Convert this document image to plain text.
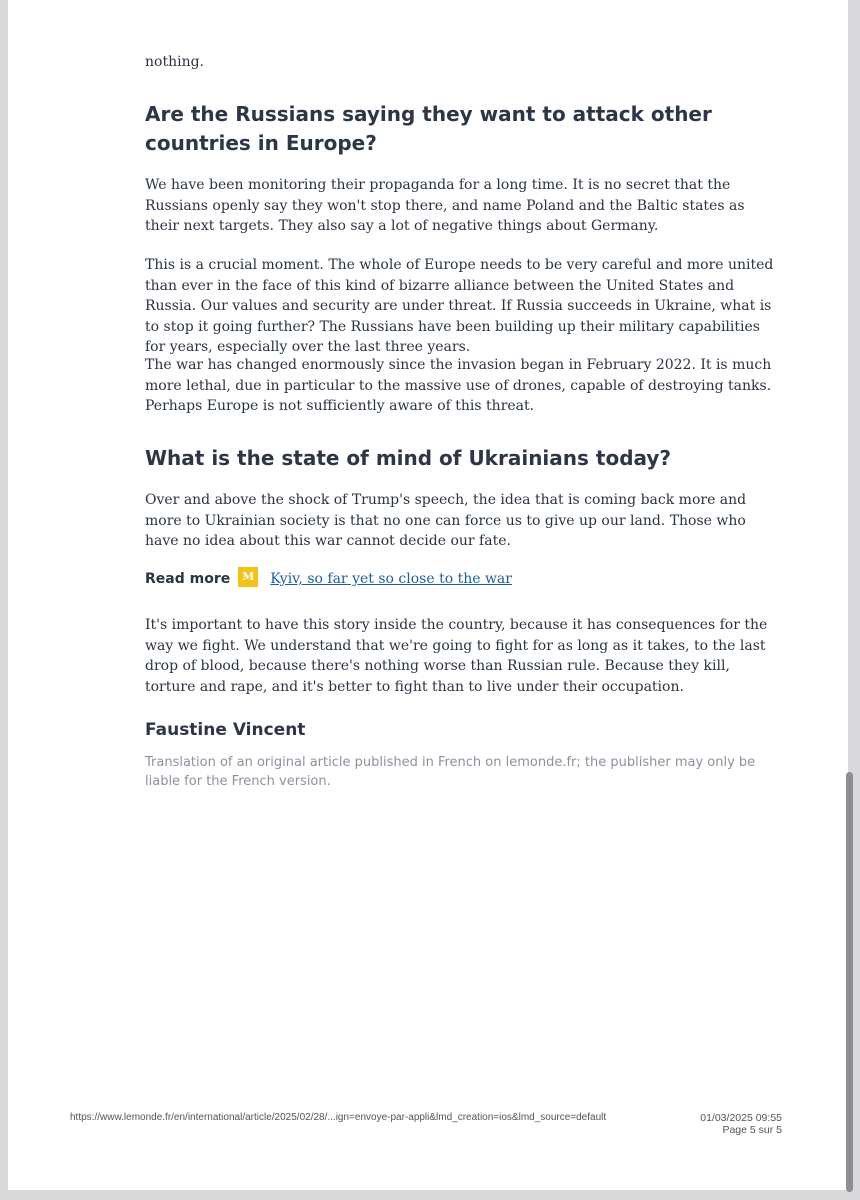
nothing.

Are the Russians saying they want to attack other countries in Europe?

We have been monitoring their propaganda for a long time. It is no secret that the Russians openly say they won't stop there, and name Poland and the Baltic states as their next targets. They also say a lot of negative things about Germany.

This is a crucial moment. The whole of Europe needs to be very careful and more united than ever in the face of this kind of bizarre alliance between the United States and Russia. Our values and security are under threat. If Russia succeeds in Ukraine, what is to stop it going further? The Russians have been building up their military capabilities for years, especially over the last three years.

The war has changed enormously since the invasion began in February 2022. It is much more lethal, due in particular to the massive use of drones, capable of destroying tanks. Perhaps Europe is not sufficiently aware of this threat.

What is the state of mind of Ukrainians today?

Over and above the shock of Trump's speech, the idea that is coming back more and more to Ukrainian society is that no one can force us to give up our land. Those who have no idea about this war cannot decide our fate.

Read more	M Kyiv, so far yet so close to the war

It's important to have this story inside the country, because it has consequences for the way we fight. We understand that we're going to fight for as long as it takes, to the last drop of blood, because there's nothing worse than Russian rule. Because they kill, torture and rape, and it's better to fight than to live under their occupation.

Faustine Vincent
Translation of an original article published in French on lemonde.fr; the publisher may only be liable for the French version.
https://www.lemonde.fr/en/international/article/2025/02/28/...ign=envoye-par-appli&lmd_creation=ios&lmd_source=default	01/03/2025 09:55
Page 5 sur 5
